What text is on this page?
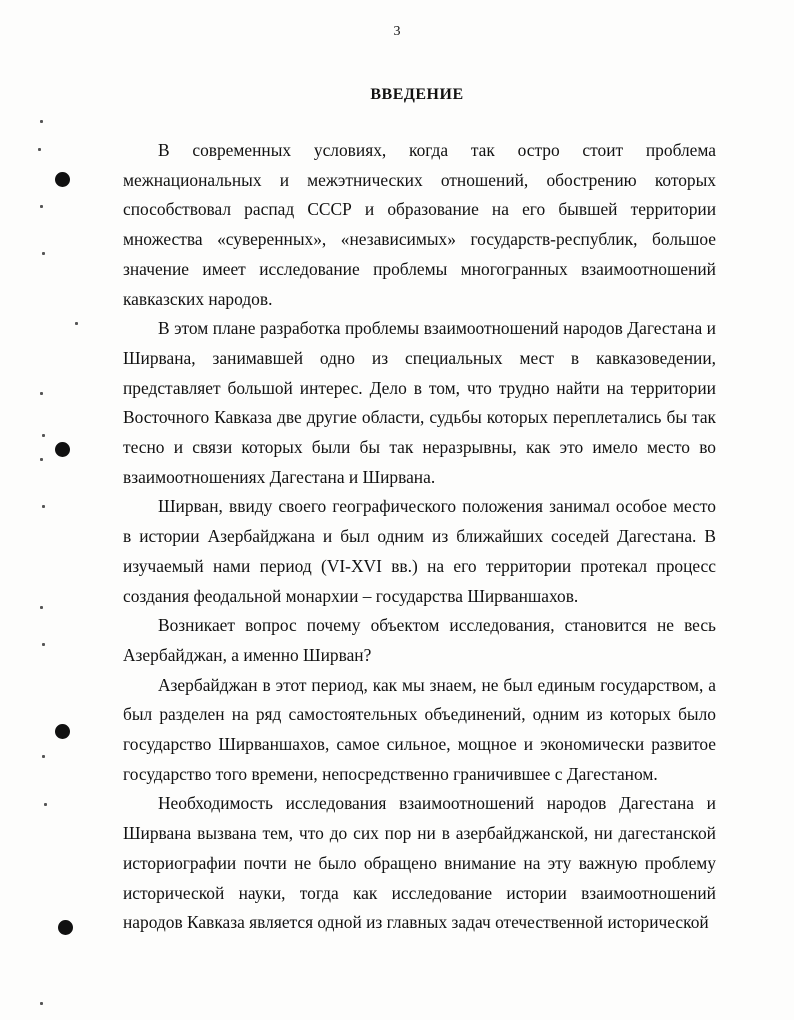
3
ВВЕДЕНИЕ

В современных условиях, когда так остро стоит проблема межнациональных и межэтнических отношений, обострению которых способствовал распад СССР и образование на его бывшей территории множества «суверенных», «независимых» государств-республик, большое значение имеет исследование проблемы многогранных взаимоотношений кавказских народов.

В этом плане разработка проблемы взаимоотношений народов Дагестана и Ширвана, занимавшей одно из специальных мест в кавказоведении, представляет большой интерес. Дело в том, что трудно найти на территории Восточного Кавказа две другие области, судьбы которых переплетались бы так тесно и связи которых были бы так неразрывны, как это имело место во взаимоотношениях Дагестана и Ширвана.

Ширван, ввиду своего географического положения занимал особое место в истории Азербайджана и был одним из ближайших соседей Дагестана. В изучаемый нами период (VI-XVI вв.) на его территории протекал процесс создания феодальной монархии – государства Ширваншахов.

Возникает вопрос почему объектом исследования, становится не весь Азербайджан, а именно Ширван?

Азербайджан в этот период, как мы знаем, не был единым государством, а был разделен на ряд самостоятельных объединений, одним из которых было государство Ширваншахов, самое сильное, мощное и экономически развитое государство того времени, непосредственно граничившее с Дагестаном.

Необходимость исследования взаимоотношений народов Дагестана и Ширвана вызвана тем, что до сих пор ни в азербайджанской, ни дагестанской историографии почти не было обращено внимание на эту важную проблему исторической науки, тогда как исследование истории взаимоотношений народов Кавказа является одной из главных задач отечественной исторической
